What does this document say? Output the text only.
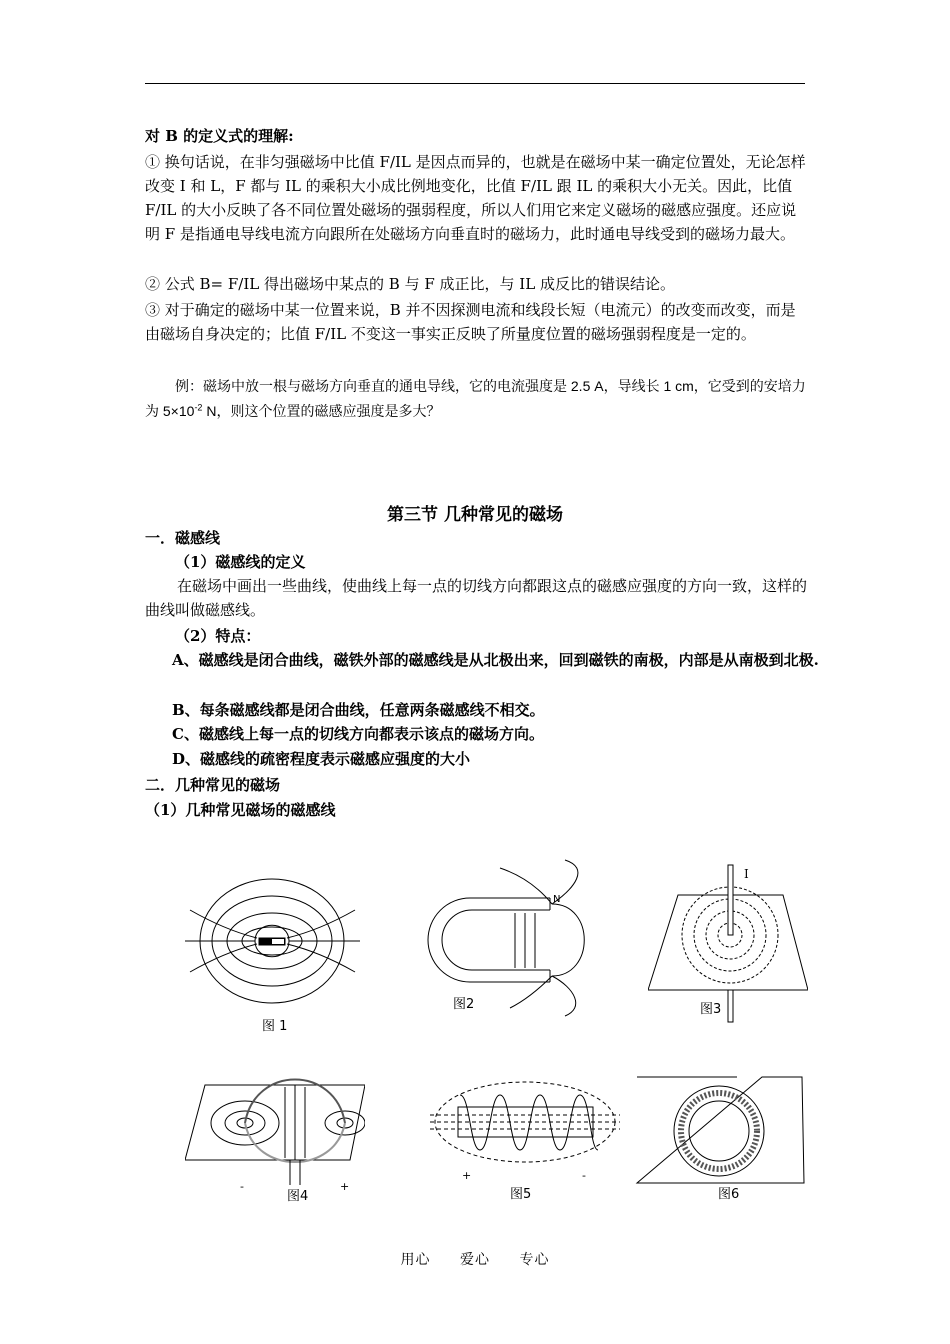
对 B 的定义式的理解:
① 换句话说，在非匀强磁场中比值 F/IL 是因点而异的，也就是在磁场中某一确定位置处，无论怎样改变 I 和 L，F 都与 IL 的乘积大小成比例地变化，比值 F/IL 跟 IL 的乘积大小无关。因此，比值 F/IL 的大小反映了各不同位置处磁场的强弱程度，所以人们用它来定义磁场的磁感应强度。还应说明 F 是指通电导线电流方向跟所在处磁场方向垂直时的磁场力，此时通电导线受到的磁场力最大。
② 公式 B= F/IL 得出磁场中某点的 B 与 F 成正比，与 IL 成反比的错误结论。
③ 对于确定的磁场中某一位置来说，B 并不因探测电流和线段长短（电流元）的改变而改变，而是由磁场自身决定的；比值 F/IL 不变这一事实正反映了所量度位置的磁场强弱程度是一定的。
例：磁场中放一根与磁场方向垂直的通电导线，它的电流强度是 2.5 A，导线长 1 cm，它受到的安培力为 $5\times 10^{-2}$ N，则这个位置的磁感应强度是多大？
第三节 几种常见的磁场
一．磁感线
（1）磁感线的定义
在磁场中画出一些曲线，使曲线上每一点的切线方向都跟这点的磁感应强度的方向一致，这样的曲线叫做磁感线。
（2）特点：
A、磁感线是闭合曲线，磁铁外部的磁感线是从北极出来，回到磁铁的南极，内部是从南极到北极.
B、每条磁感线都是闭合曲线，任意两条磁感线不相交。
C、磁感线上每一点的切线方向都表示该点的磁场方向。
D、磁感线的疏密程度表示磁感应强度的大小
二．几种常见的磁场
（1）几种常见磁场的磁感线
图 1
N
图2
I
图3
-	+
图4
+	-
图5	图6
用心 爱心 专心
